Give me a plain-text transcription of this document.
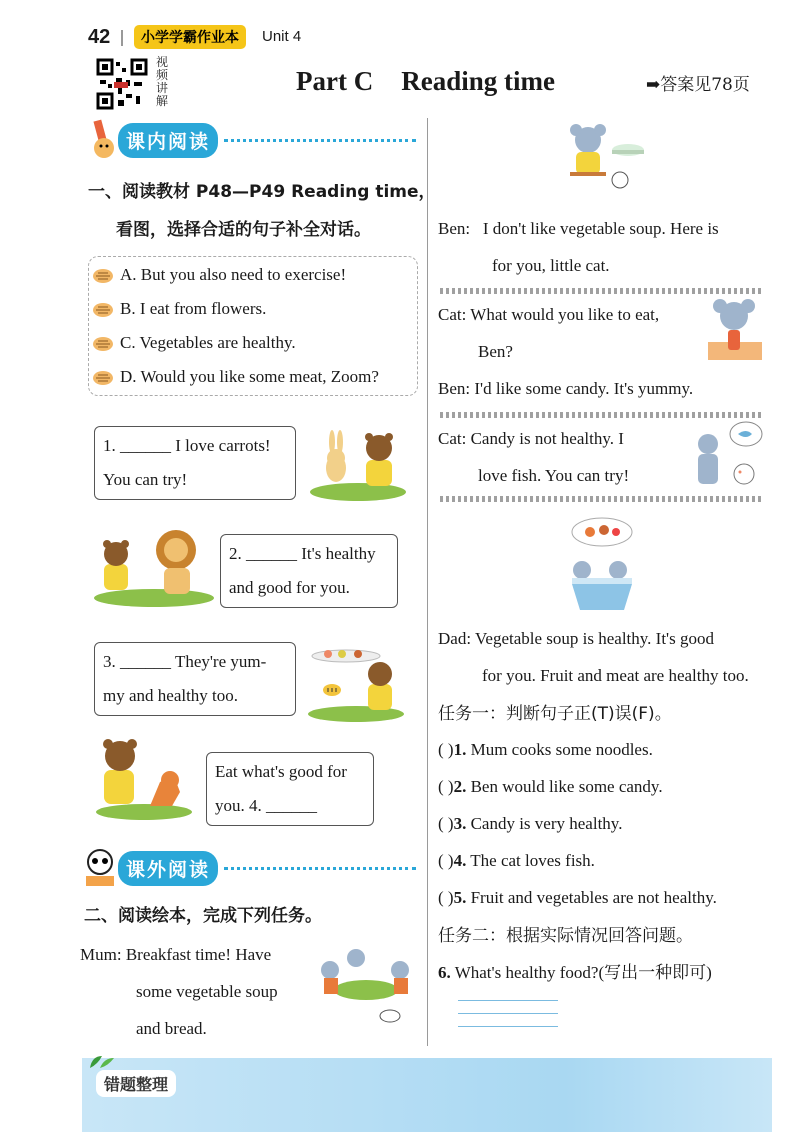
42	小学学霸作业本	Unit 4
视频讲解
Part C Reading time	➡答案见78页
课内阅读
一、阅读教材 P48—P49 Reading time，
看图，选择合适的句子补全对话。
A. But you also need to exercise!
B. I eat from flowers.
C. Vegetables are healthy.
D. Would you like some meat, Zoom?
1. ______ I love carrots!
You can try!
2. ______ It's healthy
and good for you.
3. ______ They're yum-
my and healthy too.
Eat what's good for
you. 4. ______
课外阅读
二、阅读绘本，完成下列任务。
Mum: Breakfast time! Have
some vegetable soup
and bread.
Ben: I don't like vegetable soup. Here is
for you, little cat.
Cat: What would you like to eat,
Ben?
Ben: I'd like some candy. It's yummy.
Cat: Candy is not healthy. I
love fish. You can try!
Dad: Vegetable soup is healthy. It's good
for you. Fruit and meat are healthy too.
任务一：判断句子正(T)误(F)。
( )1. Mum cooks some noodles.
( )2. Ben would like some candy.
( )3. Candy is very healthy.
( )4. The cat loves fish.
( )5. Fruit and vegetables are not healthy.
任务二：根据实际情况回答问题。
6. What's healthy food?(写出一种即可)
错题整理
